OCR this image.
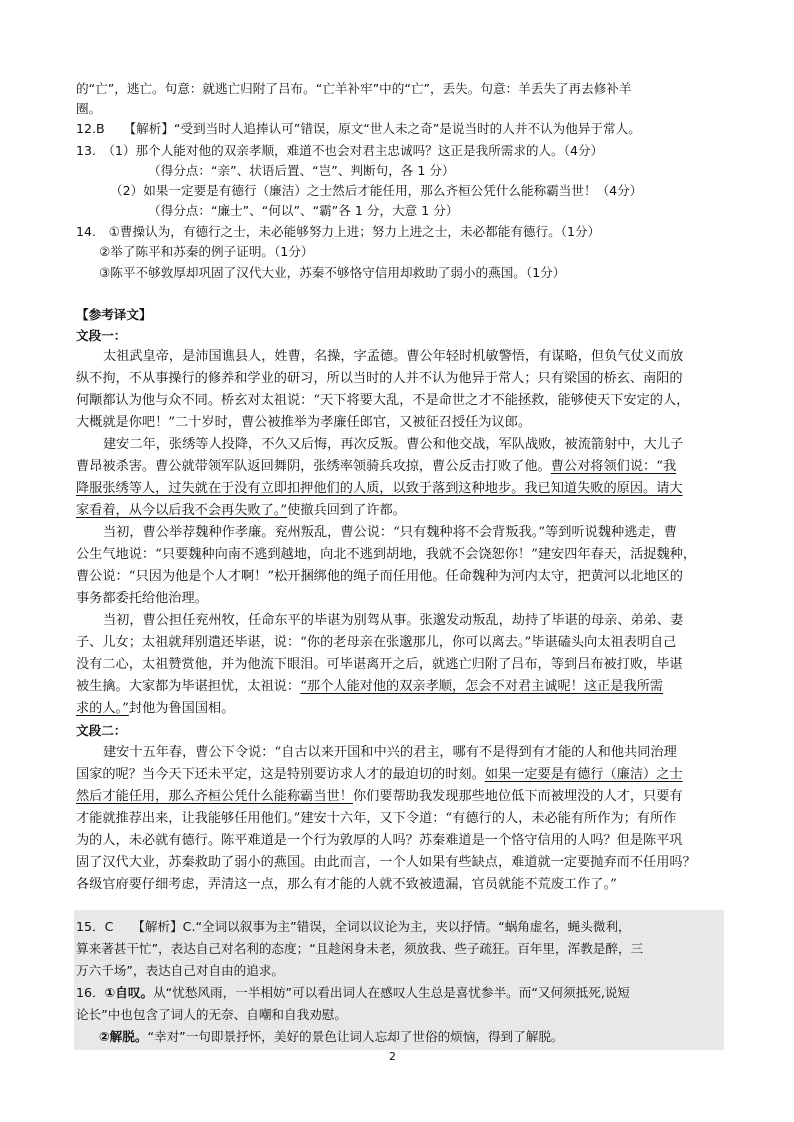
的“亡”，逃亡。句意：就逃亡归附了吕布。“亡羊补牢”中的“亡”，丢失。句意：羊丢失了再去修补羊
圈。
12.B　　【解析】“受到当时人追捧认可”错误，原文“世人未之奇”是说当时的人并不认为他异于常人。
13.　（1）那个人能对他的双亲孝顺，难道不也会对君主忠诚吗？这正是我所需求的人。（4分）
（得分点：“亲”、状语后置、“岂”、判断句，各 1 分）
（2）如果一定要是有德行（廉洁）之士然后才能任用，那么齐桓公凭什么能称霸当世！（4分）
（得分点：“廉士”、“何以”、“霸”各 1 分，大意 1 分）
14.　①曹操认为，有德行之士，未必能够努力上进；努力上进之士，未必都能有德行。（1分）
②举了陈平和苏秦的例子证明。（1分）
③陈平不够敦厚却巩固了汉代大业，苏秦不够恪守信用却救助了弱小的燕国。（1分）
【参考译文】
文段一：
太祖武皇帝，是沛国谯县人，姓曹，名操，字孟德。曹公年轻时机敏警悟，有谋略，但负气仗义而放
纵不拘，不从事操行的修养和学业的研习，所以当时的人并不认为他异于常人；只有梁国的桥玄、南阳的
何颙都认为他与众不同。桥玄对太祖说：“天下将要大乱，不是命世之才不能拯救，能够使天下安定的人，
大概就是你吧！”二十岁时，曹公被推举为孝廉任郎官，又被征召授任为议郎。
建安二年，张绣等人投降，不久又后悔，再次反叛。曹公和他交战，军队战败，被流箭射中，大儿子
曹昂被杀害。曹公就带领军队返回舞阴，张绣率领骑兵攻掠，曹公反击打败了他。曹公对将领们说：“我
降服张绣等人，过失就在于没有立即扣押他们的人质，以致于落到这种地步。我已知道失败的原因。请大
家看着，从今以后我不会再失败了。”使撤兵回到了许都。
当初，曹公举荐魏种作孝廉。兖州叛乱，曹公说：“只有魏种将不会背叛我。”等到听说魏种逃走，曹
公生气地说：“只要魏种向南不逃到越地，向北不逃到胡地，我就不会饶恕你！”建安四年春天，活捉魏种，
曹公说：“只因为他是个人才啊！”松开捆绑他的绳子而任用他。任命魏种为河内太守，把黄河以北地区的
事务都委托给他治理。
当初，曹公担任兖州牧，任命东平的毕谌为别驾从事。张邈发动叛乱，劫持了毕谌的母亲、弟弟、妻
子、儿女；太祖就拜别遣还毕谌，说：“你的老母亲在张邈那儿，你可以离去。”毕谌磕头向太祖表明自己
没有二心，太祖赞赏他，并为他流下眼泪。可毕谌离开之后，就逃亡归附了吕布，等到吕布被打败，毕谌
被生擒。大家都为毕谌担忧，太祖说：“那个人能对他的双亲孝顺，怎会不对君主诚呢！这正是我所需
求的人。”封他为鲁国国相。
文段二：
建安十五年春，曹公下令说：“自古以来开国和中兴的君主，哪有不是得到有才能的人和他共同治理
国家的呢？当今天下还未平定，这是特别要访求人才的最迫切的时刻。如果一定要是有德行（廉洁）之士
然后才能任用，那么齐桓公凭什么能称霸当世！你们要帮助我发现那些地位低下而被埋没的人才，只要有
才能就推荐出来，让我能够任用他们。”建安十六年，又下令道：“有德行的人，未必能有所作为；有所作
为的人，未必就有德行。陈平难道是一个行为敦厚的人吗？苏秦难道是一个恪守信用的人吗？但是陈平巩
固了汉代大业，苏秦救助了弱小的燕国。由此而言，一个人如果有些缺点，难道就一定要抛弃而不任用吗？
各级官府要仔细考虑，弄清这一点，那么有才能的人就不致被遗漏，官员就能不荒废工作了。”
15．C　　【解析】C.“全词以叙事为主”错误，全词以议论为主，夹以抒情。“蜗角虚名，蝇头微利，
算来著甚干忙”，表达自己对名利的态度；“且趁闲身未老，须放我、些子疏狂。百年里，浑教是醉，三
万六千场”，表达自己对自由的追求。
16．①自叹。从“忧愁风雨，一半相妨”可以看出词人在感叹人生总是喜忧参半。而“又何须抵死,说短
论长”中也包含了词人的无奈、自嘲和自我劝慰。
②解脱。“幸对”一句即景抒怀，美好的景色让词人忘却了世俗的烦恼，得到了解脱。
2
